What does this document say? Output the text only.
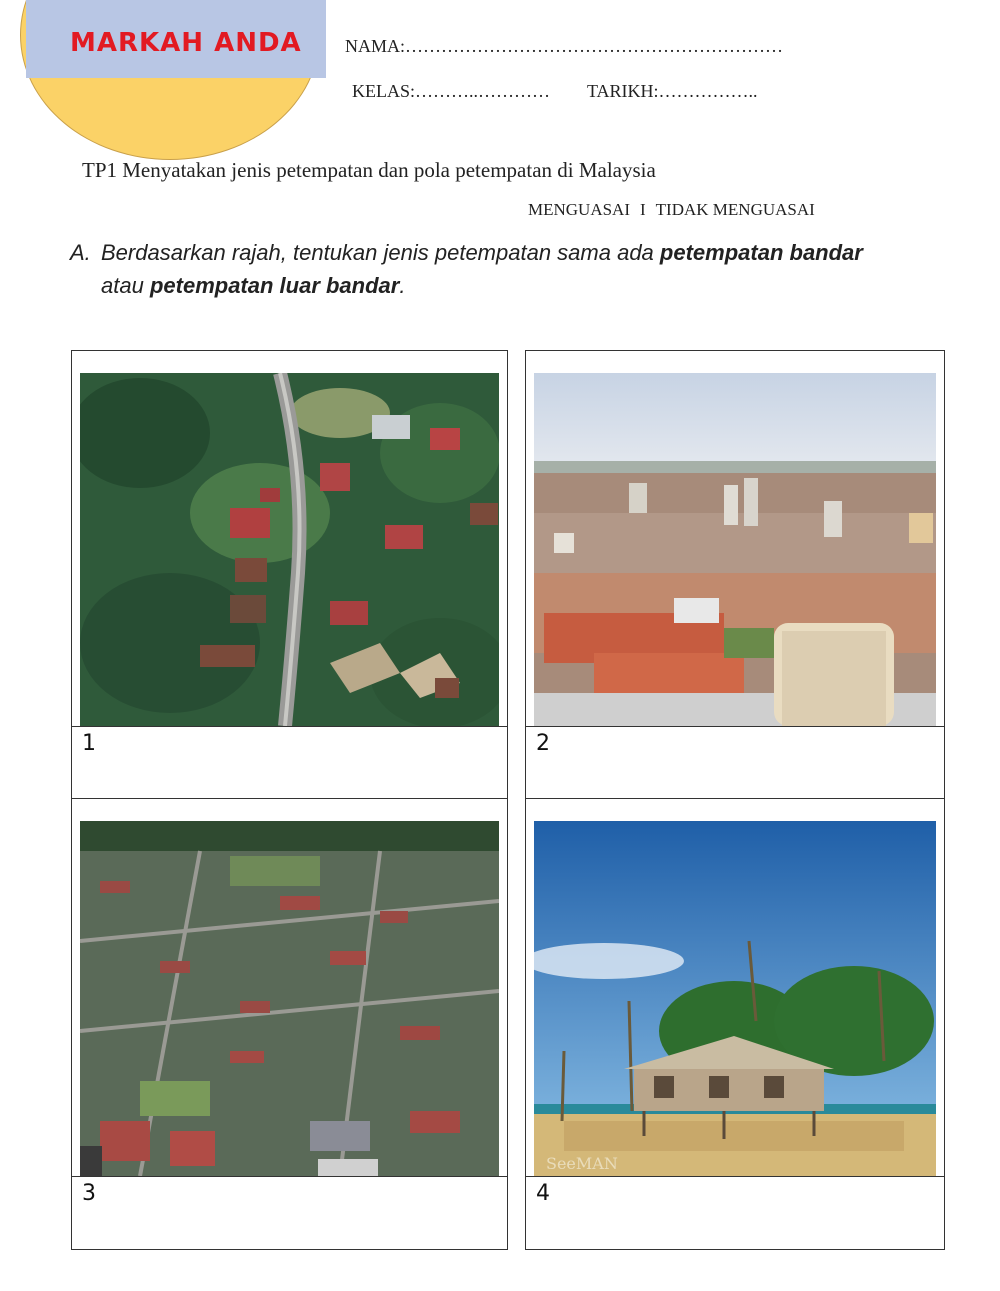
MARKAH ANDA NAMA:………………………………………………………
KELAS:………..………… TARIKH:……………..
TP1 Menyatakan jenis petempatan dan pola petempatan di Malaysia
MENGUASAI I TIDAK MENGUASAI
A. Berdasarkan rajah, tentukan jenis petempatan sama ada petempatan bandar
atau petempatan luar bandar.
1	2
3
SeeMAN
4
